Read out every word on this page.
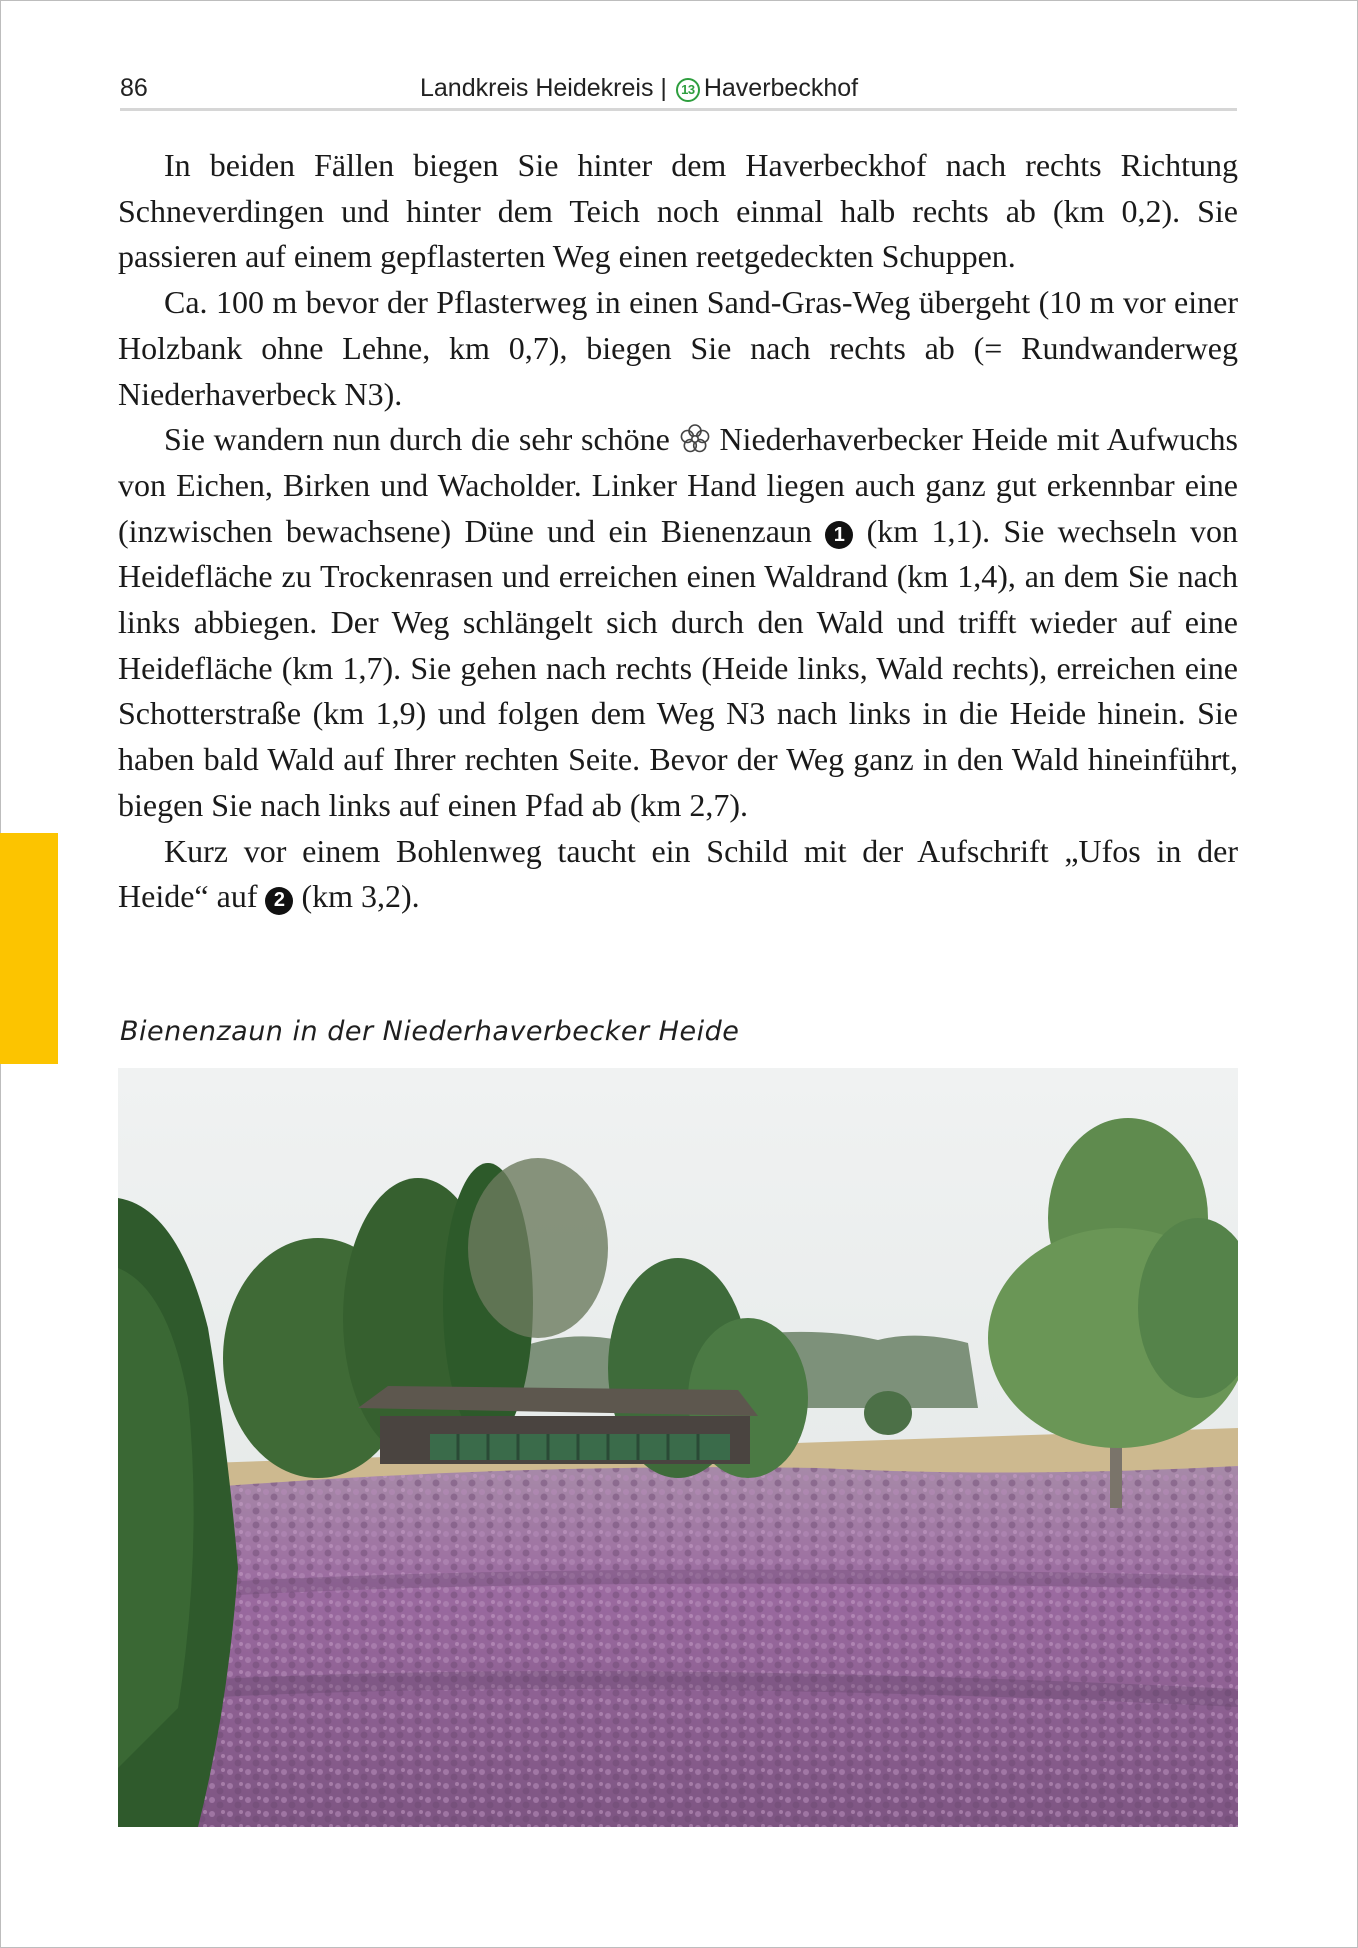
86	Landkreis Heidekreis | 13 Haverbeckhof

In beiden Fällen biegen Sie hinter dem Haverbeckhof nach rechts Richtung Schneverdingen und hinter dem Teich noch einmal halb rechts ab (km 0,2). Sie passieren auf einem gepflasterten Weg einen reetgedeckten Schuppen.

Ca. 100 m bevor der Pflasterweg in einen Sand-Gras-Weg übergeht (10 m vor einer Holzbank ohne Lehne, km 0,7), biegen Sie nach rechts ab (= Rundwanderweg Niederhaverbeck N3).

Sie wandern nun durch die sehr schöne Niederhaverbecker Heide mit Aufwuchs von Eichen, Birken und Wacholder. Linker Hand liegen auch ganz gut erkennbar eine (inzwischen bewachsene) Düne und ein Bienenzaun 1 (km 1,1). Sie wechseln von Heidefläche zu Trockenrasen und erreichen einen Waldrand (km 1,4), an dem Sie nach links abbiegen. Der Weg schlängelt sich durch den Wald und trifft wieder auf eine Heidefläche (km 1,7). Sie gehen nach rechts (Heide links, Wald rechts), erreichen eine Schotterstraße (km 1,9) und folgen dem Weg N3 nach links in die Heide hinein. Sie haben bald Wald auf Ihrer rechten Seite. Bevor der Weg ganz in den Wald hineinführt, biegen Sie nach links auf einen Pfad ab (km 2,7).

Kurz vor einem Bohlenweg taucht ein Schild mit der Aufschrift „Ufos in der Heide“ auf 2 (km 3,2).

Bienenzaun in der Niederhaverbecker Heide
